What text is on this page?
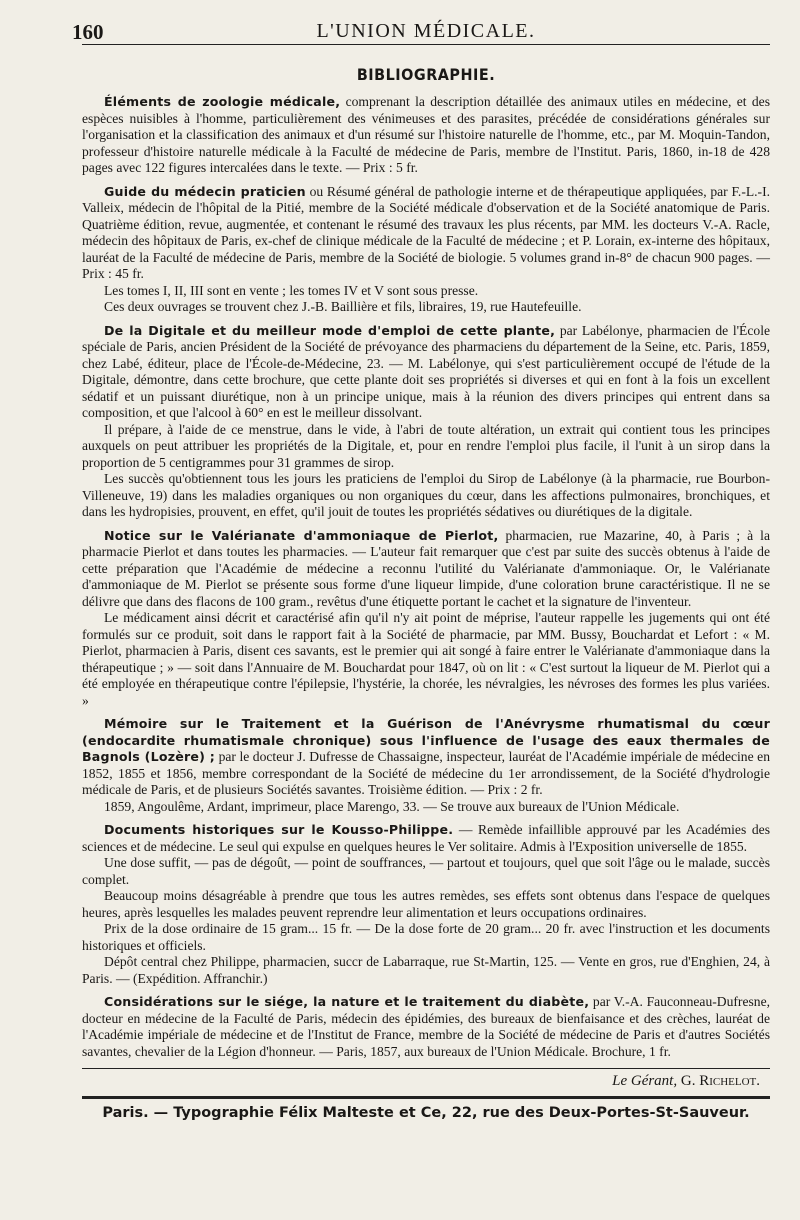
160	L'UNION MÉDICALE.
BIBLIOGRAPHIE.

Éléments de zoologie médicale, comprenant la description détaillée des animaux utiles en médecine, et des espèces nuisibles à l'homme, particulièrement des vénimeuses et des parasites, précédée de considérations générales sur l'organisation et la classification des animaux et d'un résumé sur l'histoire naturelle de l'homme, etc., par M. Moquin-Tandon, professeur d'histoire naturelle médicale à la Faculté de médecine de Paris, membre de l'Institut. Paris, 1860, in-18 de 428 pages avec 122 figures intercalées dans le texte. — Prix : 5 fr.

Guide du médecin praticien ou Résumé général de pathologie interne et de thérapeutique appliquées, par F.-L.-I. Valleix, médecin de l'hôpital de la Pitié, membre de la Société médicale d'observation et de la Société anatomique de Paris. Quatrième édition, revue, augmentée, et contenant le résumé des travaux les plus récents, par MM. les docteurs V.-A. Racle, médecin des hôpitaux de Paris, ex-chef de clinique médicale de la Faculté de médecine ; et P. Lorain, ex-interne des hôpitaux, lauréat de la Faculté de médecine de Paris, membre de la Société de biologie. 5 volumes grand in-8° de chacun 900 pages. — Prix : 45 fr.

Les tomes I, II, III sont en vente ; les tomes IV et V sont sous presse.

Ces deux ouvrages se trouvent chez J.-B. Baillière et fils, libraires, 19, rue Hautefeuille.

De la Digitale et du meilleur mode d'emploi de cette plante, par Labélonye, pharmacien de l'École spéciale de Paris, ancien Président de la Société de prévoyance des pharmaciens du département de la Seine, etc. Paris, 1859, chez Labé, éditeur, place de l'École-de-Médecine, 23. — M. Labélonye, qui s'est particulièrement occupé de l'étude de la Digitale, démontre, dans cette brochure, que cette plante doit ses propriétés si diverses et qui en font à la fois un excellent sédatif et un puissant diurétique, non à un principe unique, mais à la réunion des divers principes qui entrent dans sa composition, et que l'alcool à 60° en est le meilleur dissolvant.

Il prépare, à l'aide de ce menstrue, dans le vide, à l'abri de toute altération, un extrait qui contient tous les principes auxquels on peut attribuer les propriétés de la Digitale, et, pour en rendre l'emploi plus facile, il l'unit à un sirop dans la proportion de 5 centigrammes pour 31 grammes de sirop.

Les succès qu'obtiennent tous les jours les praticiens de l'emploi du Sirop de Labélonye (à la pharmacie, rue Bourbon-Villeneuve, 19) dans les maladies organiques ou non organiques du cœur, dans les affections pulmonaires, bronchiques, et dans les hydropisies, prouvent, en effet, qu'il jouit de toutes les propriétés sédatives ou diurétiques de la digitale.

Notice sur le Valérianate d'ammoniaque de Pierlot, pharmacien, rue Mazarine, 40, à Paris ; à la pharmacie Pierlot et dans toutes les pharmacies. — L'auteur fait remarquer que c'est par suite des succès obtenus à l'aide de cette préparation que l'Académie de médecine a reconnu l'utilité du Valérianate d'ammoniaque. Or, le Valérianate d'ammoniaque de M. Pierlot se présente sous forme d'une liqueur limpide, d'une coloration brune caractéristique. Il ne se délivre que dans des flacons de 100 gram., revêtus d'une étiquette portant le cachet et la signature de l'inventeur.

Le médicament ainsi décrit et caractérisé afin qu'il n'y ait point de méprise, l'auteur rappelle les jugements qui ont été formulés sur ce produit, soit dans le rapport fait à la Société de pharmacie, par MM. Bussy, Bouchardat et Lefort : « M. Pierlot, pharmacien à Paris, disent ces savants, est le premier qui ait songé à faire entrer le Valérianate d'ammoniaque dans la thérapeutique ; » — soit dans l'Annuaire de M. Bouchardat pour 1847, où on lit : « C'est surtout la liqueur de M. Pierlot qui a été employée en thérapeutique contre l'épilepsie, l'hystérie, la chorée, les névralgies, les névroses des formes les plus variées. »

Mémoire sur le Traitement et la Guérison de l'Anévrysme rhumatismal du cœur (endocardite rhumatismale chronique) sous l'influence de l'usage des eaux thermales de Bagnols (Lozère) ; par le docteur J. Dufresse de Chassaigne, inspecteur, lauréat de l'Académie impériale de médecine en 1852, 1855 et 1856, membre correspondant de la Société de médecine du 1er arrondissement, de la Société d'hydrologie médicale de Paris, et de plusieurs Sociétés savantes. Troisième édition. — Prix : 2 fr.

1859, Angoulême, Ardant, imprimeur, place Marengo, 33. — Se trouve aux bureaux de l'Union Médicale.

Documents historiques sur le Kousso-Philippe. — Remède infaillible approuvé par les Académies des sciences et de médecine. Le seul qui expulse en quelques heures le Ver solitaire. Admis à l'Exposition universelle de 1855.

Une dose suffit, — pas de dégoût, — point de souffrances, — partout et toujours, quel que soit l'âge ou le malade, succès complet.

Beaucoup moins désagréable à prendre que tous les autres remèdes, ses effets sont obtenus dans l'espace de quelques heures, après lesquelles les malades peuvent reprendre leur alimentation et leurs occupations ordinaires.

Prix de la dose ordinaire de 15 gram... 15 fr. — De la dose forte de 20 gram... 20 fr. avec l'instruction et les documents historiques et officiels.

Dépôt central chez Philippe, pharmacien, succr de Labarraque, rue St-Martin, 125. — Vente en gros, rue d'Enghien, 24, à Paris. — (Expédition. Affranchir.)

Considérations sur le siége, la nature et le traitement du diabète, par V.-A. Fauconneau-Dufresne, docteur en médecine de la Faculté de Paris, médecin des épidémies, des bureaux de bienfaisance et des crèches, lauréat de l'Académie impériale de médecine et de l'Institut de France, membre de la Société de médecine de Paris et d'autres Sociétés savantes, chevalier de la Légion d'honneur. — Paris, 1857, aux bureaux de l'Union Médicale. Brochure, 1 fr.

Le Gérant, G. Richelot.
Paris. — Typographie Félix Malteste et Ce, 22, rue des Deux-Portes-St-Sauveur.
